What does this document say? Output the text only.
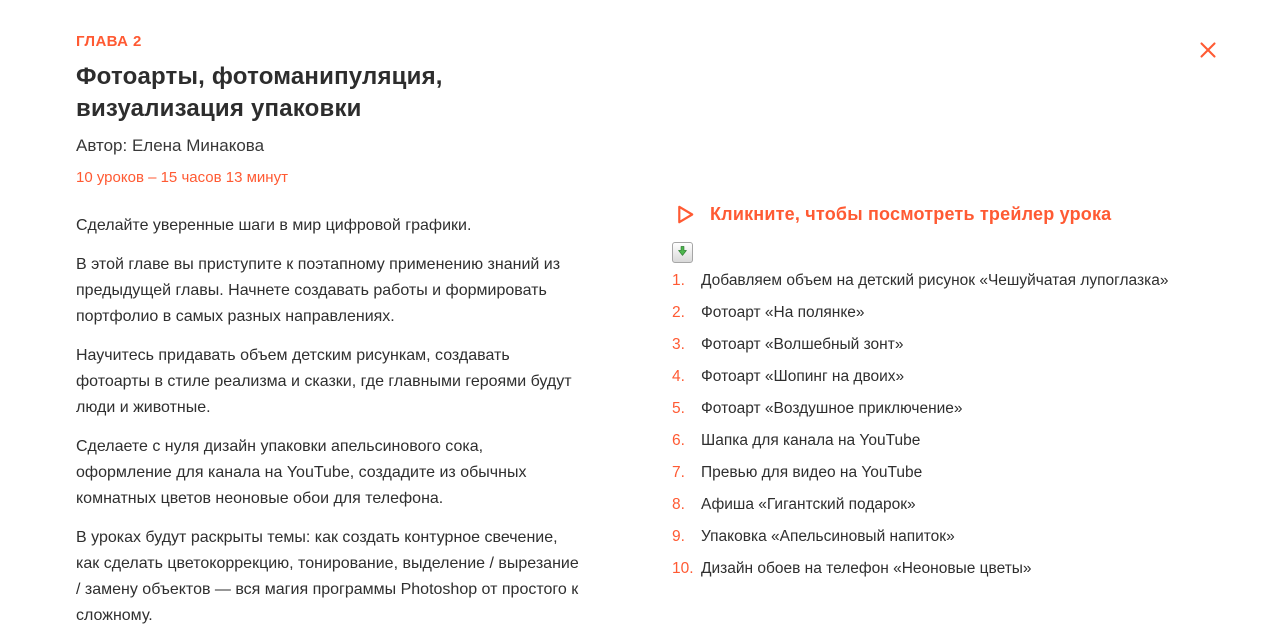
ГЛАВА 2
Фотоарты, фотоманипуляция,
визуализация упаковки
Автор: Елена Минакова
10 уроков – 15 часов 13 минут

Сделайте уверенные шаги в мир цифровой графики.

В этой главе вы приступите к поэтапному применению знаний из предыдущей главы. Начнете создавать работы и формировать портфолио в самых разных направлениях.

Научитесь придавать объем детским рисункам, создавать фотоарты в стиле реализма и сказки, где главными героями будут люди и животные.

Сделаете с нуля дизайн упаковки апельсинового сока, оформление для канала на YouTube, создадите из обычных комнатных цветов неоновые обои для телефона.

В уроках будут раскрыты темы: как создать контурное свечение, как сделать цветокоррекцию, тонирование, выделение / вырезание / замену объектов — вся магия программы Photoshop от простого к сложному.

Кликните, чтобы посмотреть трейлер урока
1.	Добавляем объем на детский рисунок «Чешуйчатая лупоглазка»
2.	Фотоарт «На полянке»
3.	Фотоарт «Волшебный зонт»
4.	Фотоарт «Шопинг на двоих»
5.	Фотоарт «Воздушное приключение»
6.	Шапка для канала на YouTube
7.	Превью для видео на YouTube
8.	Афиша «Гигантский подарок»
9.	Упаковка «Апельсиновый напиток»
10. Дизайн обоев на телефон «Неоновые цветы»
